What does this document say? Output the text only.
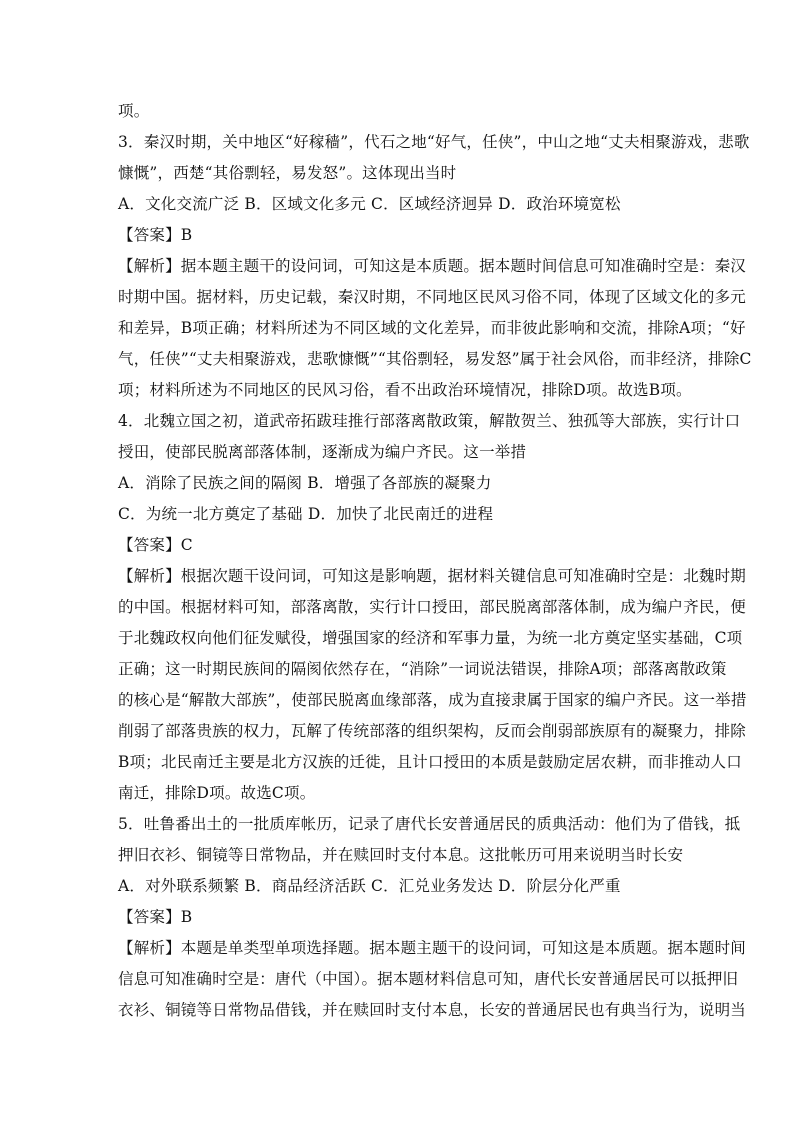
项。
3．秦汉时期，关中地区“好稼穑”，代石之地“好气，任侠”，中山之地“丈夫相聚游戏，悲歌
慷慨”，西楚“其俗剽轻，易发怒”。这体现出当时
A．文化交流广泛 B．区域文化多元 C．区域经济迥异 D．政治环境宽松
【答案】B
【解析】据本题主题干的设问词，可知这是本质题。据本题时间信息可知准确时空是：秦汉
时期中国。据材料，历史记载，秦汉时期，不同地区民风习俗不同，体现了区域文化的多元
和差异，B项正确；材料所述为不同区域的文化差异，而非彼此影响和交流，排除A项；“好
气，任侠”“丈夫相聚游戏，悲歌慷慨”“其俗剽轻，易发怒”属于社会风俗，而非经济，排除C
项；材料所述为不同地区的民风习俗，看不出政治环境情况，排除D项。故选B项。
4．北魏立国之初，道武帝拓跋珪推行部落离散政策，解散贺兰、独孤等大部族，实行计口
授田，使部民脱离部落体制，逐渐成为编户齐民。这一举措
A．消除了民族之间的隔阂 B．增强了各部族的凝聚力
C．为统一北方奠定了基础 D．加快了北民南迁的进程
【答案】C
【解析】根据次题干设问词，可知这是影响题，据材料关键信息可知准确时空是：北魏时期
的中国。根据材料可知，部落离散，实行计口授田，部民脱离部落体制，成为编户齐民，便
于北魏政权向他们征发赋役，增强国家的经济和军事力量，为统一北方奠定坚实基础，C项
正确；这一时期民族间的隔阂依然存在，“消除”一词说法错误，排除A项；部落离散政策
的核心是“解散大部族”，使部民脱离血缘部落，成为直接隶属于国家的编户齐民。这一举措
削弱了部落贵族的权力，瓦解了传统部落的组织架构，反而会削弱部族原有的凝聚力，排除
B项；北民南迁主要是北方汉族的迁徙，且计口授田的本质是鼓励定居农耕，而非推动人口
南迁，排除D项。故选C项。
5．吐鲁番出土的一批质库帐历，记录了唐代长安普通居民的质典活动：他们为了借钱，抵
押旧衣衫、铜镜等日常物品，并在赎回时支付本息。这批帐历可用来说明当时长安
A．对外联系频繁 B．商品经济活跃 C．汇兑业务发达 D．阶层分化严重
【答案】B
【解析】本题是单类型单项选择题。据本题主题干的设问词，可知这是本质题。据本题时间
信息可知准确时空是：唐代（中国）。据本题材料信息可知，唐代长安普通居民可以抵押旧
衣衫、铜镜等日常物品借钱，并在赎回时支付本息，长安的普通居民也有典当行为，说明当
